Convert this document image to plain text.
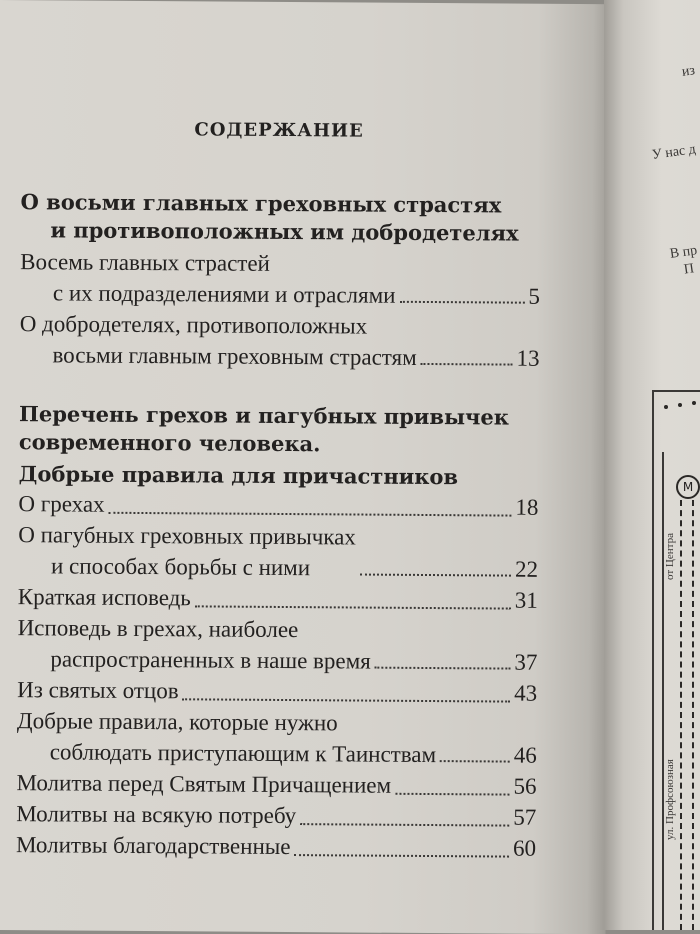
СОДЕРЖАНИЕ
О восьми главных греховных страстях
и противоположных им добродетелях
Восемь главных страстей
с их подразделениями и отраслями	5
О добродетелях, противоположных
восьми главным греховным страстям	13
Перечень грехов и пагубных привычек
современного человека.
Добрые правила для причастников
О грехах	18
О пагубных греховных привычках
и способах борьбы с ними	22
Краткая исповедь	31
Исповедь в грехах, наиболее
распространенных в наше время	37
Из святых отцов	43
Добрые правила, которые нужно
соблюдать приступающим к Таинствам	46
Молитва перед Святым Причащением	56
Молитвы на всякую потребу	57
Молитвы благодарственные	60
из
У нас д
В пр
П
М
от Центра
ул. Профсоюзная
